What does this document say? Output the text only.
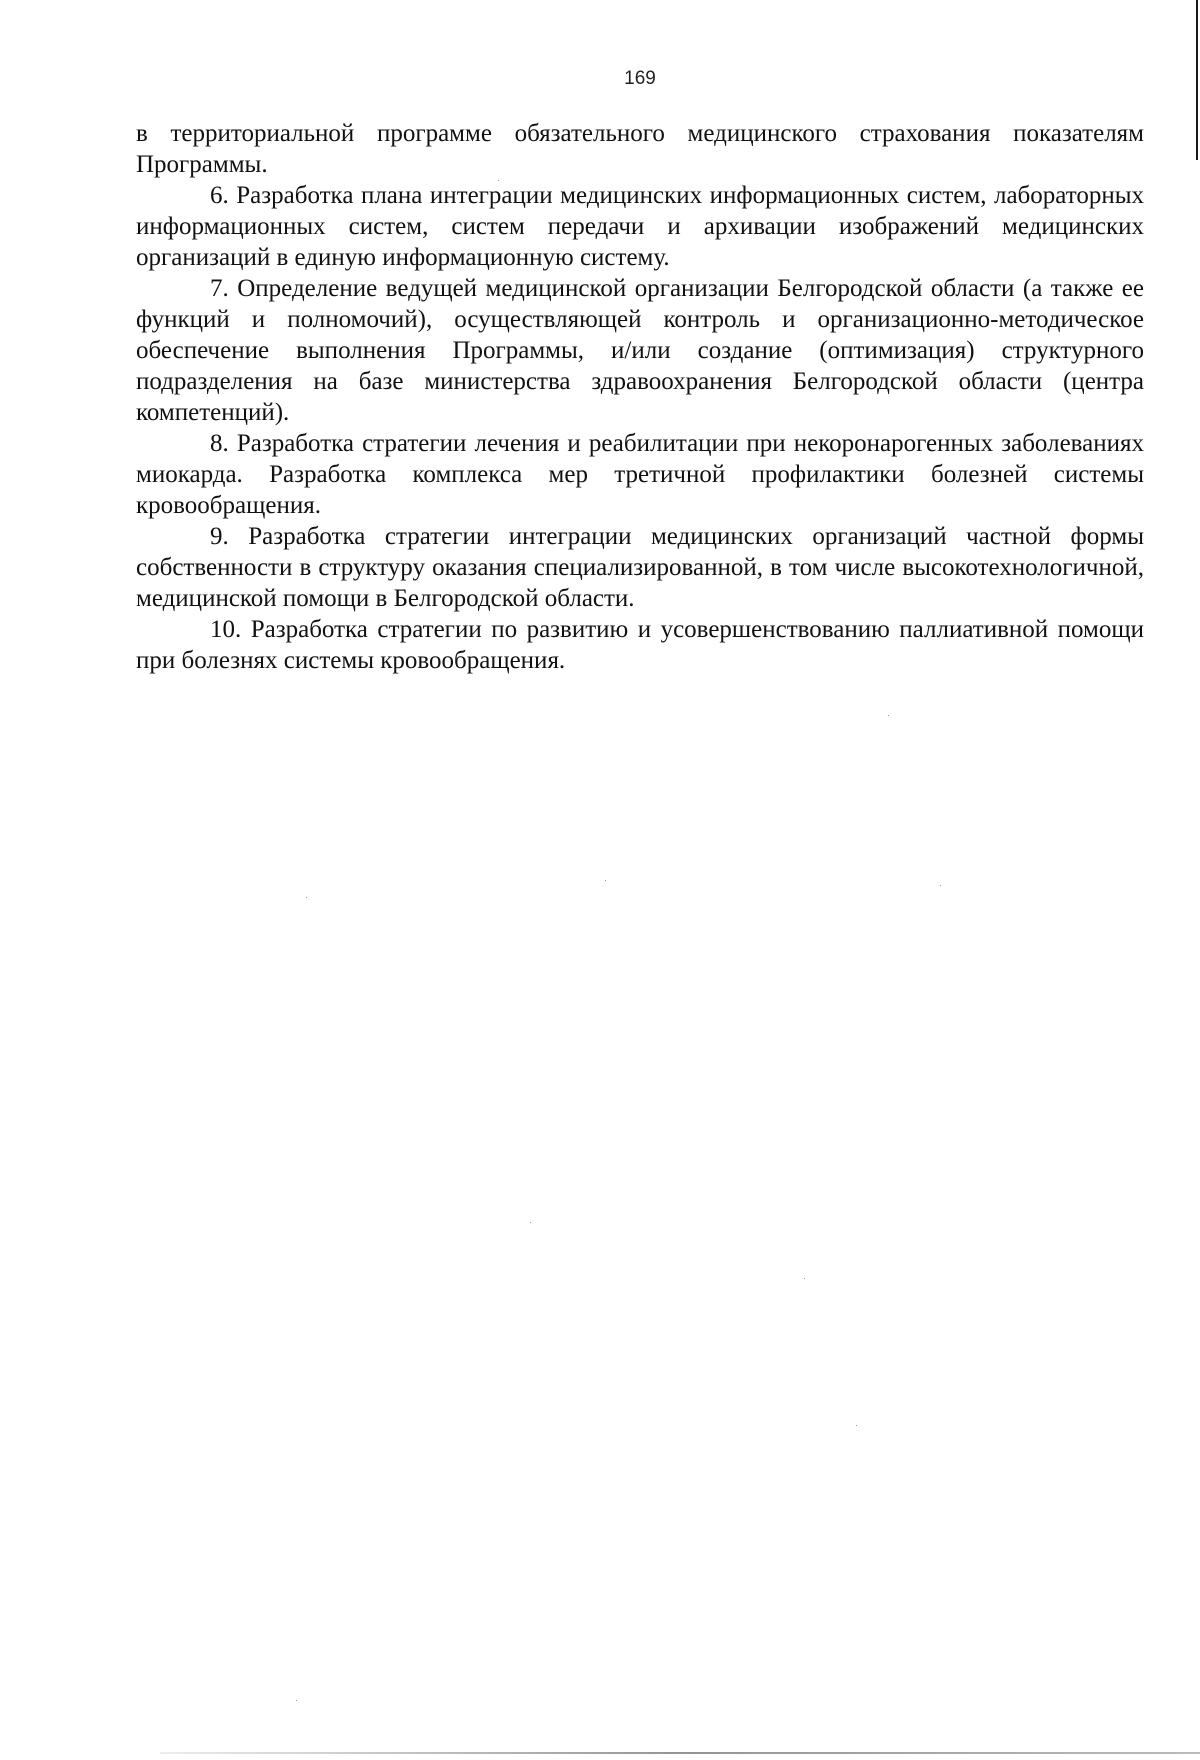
169

в территориальной программе обязательного медицинского страхования показателям Программы.

6. Разработка плана интеграции медицинских информационных систем, лабораторных информационных систем, систем передачи и архивации изображений медицинских организаций в единую информационную систему.

7. Определение ведущей медицинской организации Белгородской области (а также ее функций и полномочий), осуществляющей контроль и организационно-методическое обеспечение выполнения Программы, и/или создание (оптимизация) структурного подразделения на базе министерства здравоохранения Белгородской области (центра компетенций).

8. Разработка стратегии лечения и реабилитации при некоронарогенных заболеваниях миокарда. Разработка комплекса мер третичной профилактики болезней системы кровообращения.

9. Разработка стратегии интеграции медицинских организаций частной формы собственности в структуру оказания специализированной, в том числе высокотехнологичной, медицинской помощи в Белгородской области.

10. Разработка стратегии по развитию и усовершенствованию паллиативной помощи при болезнях системы кровообращения.
